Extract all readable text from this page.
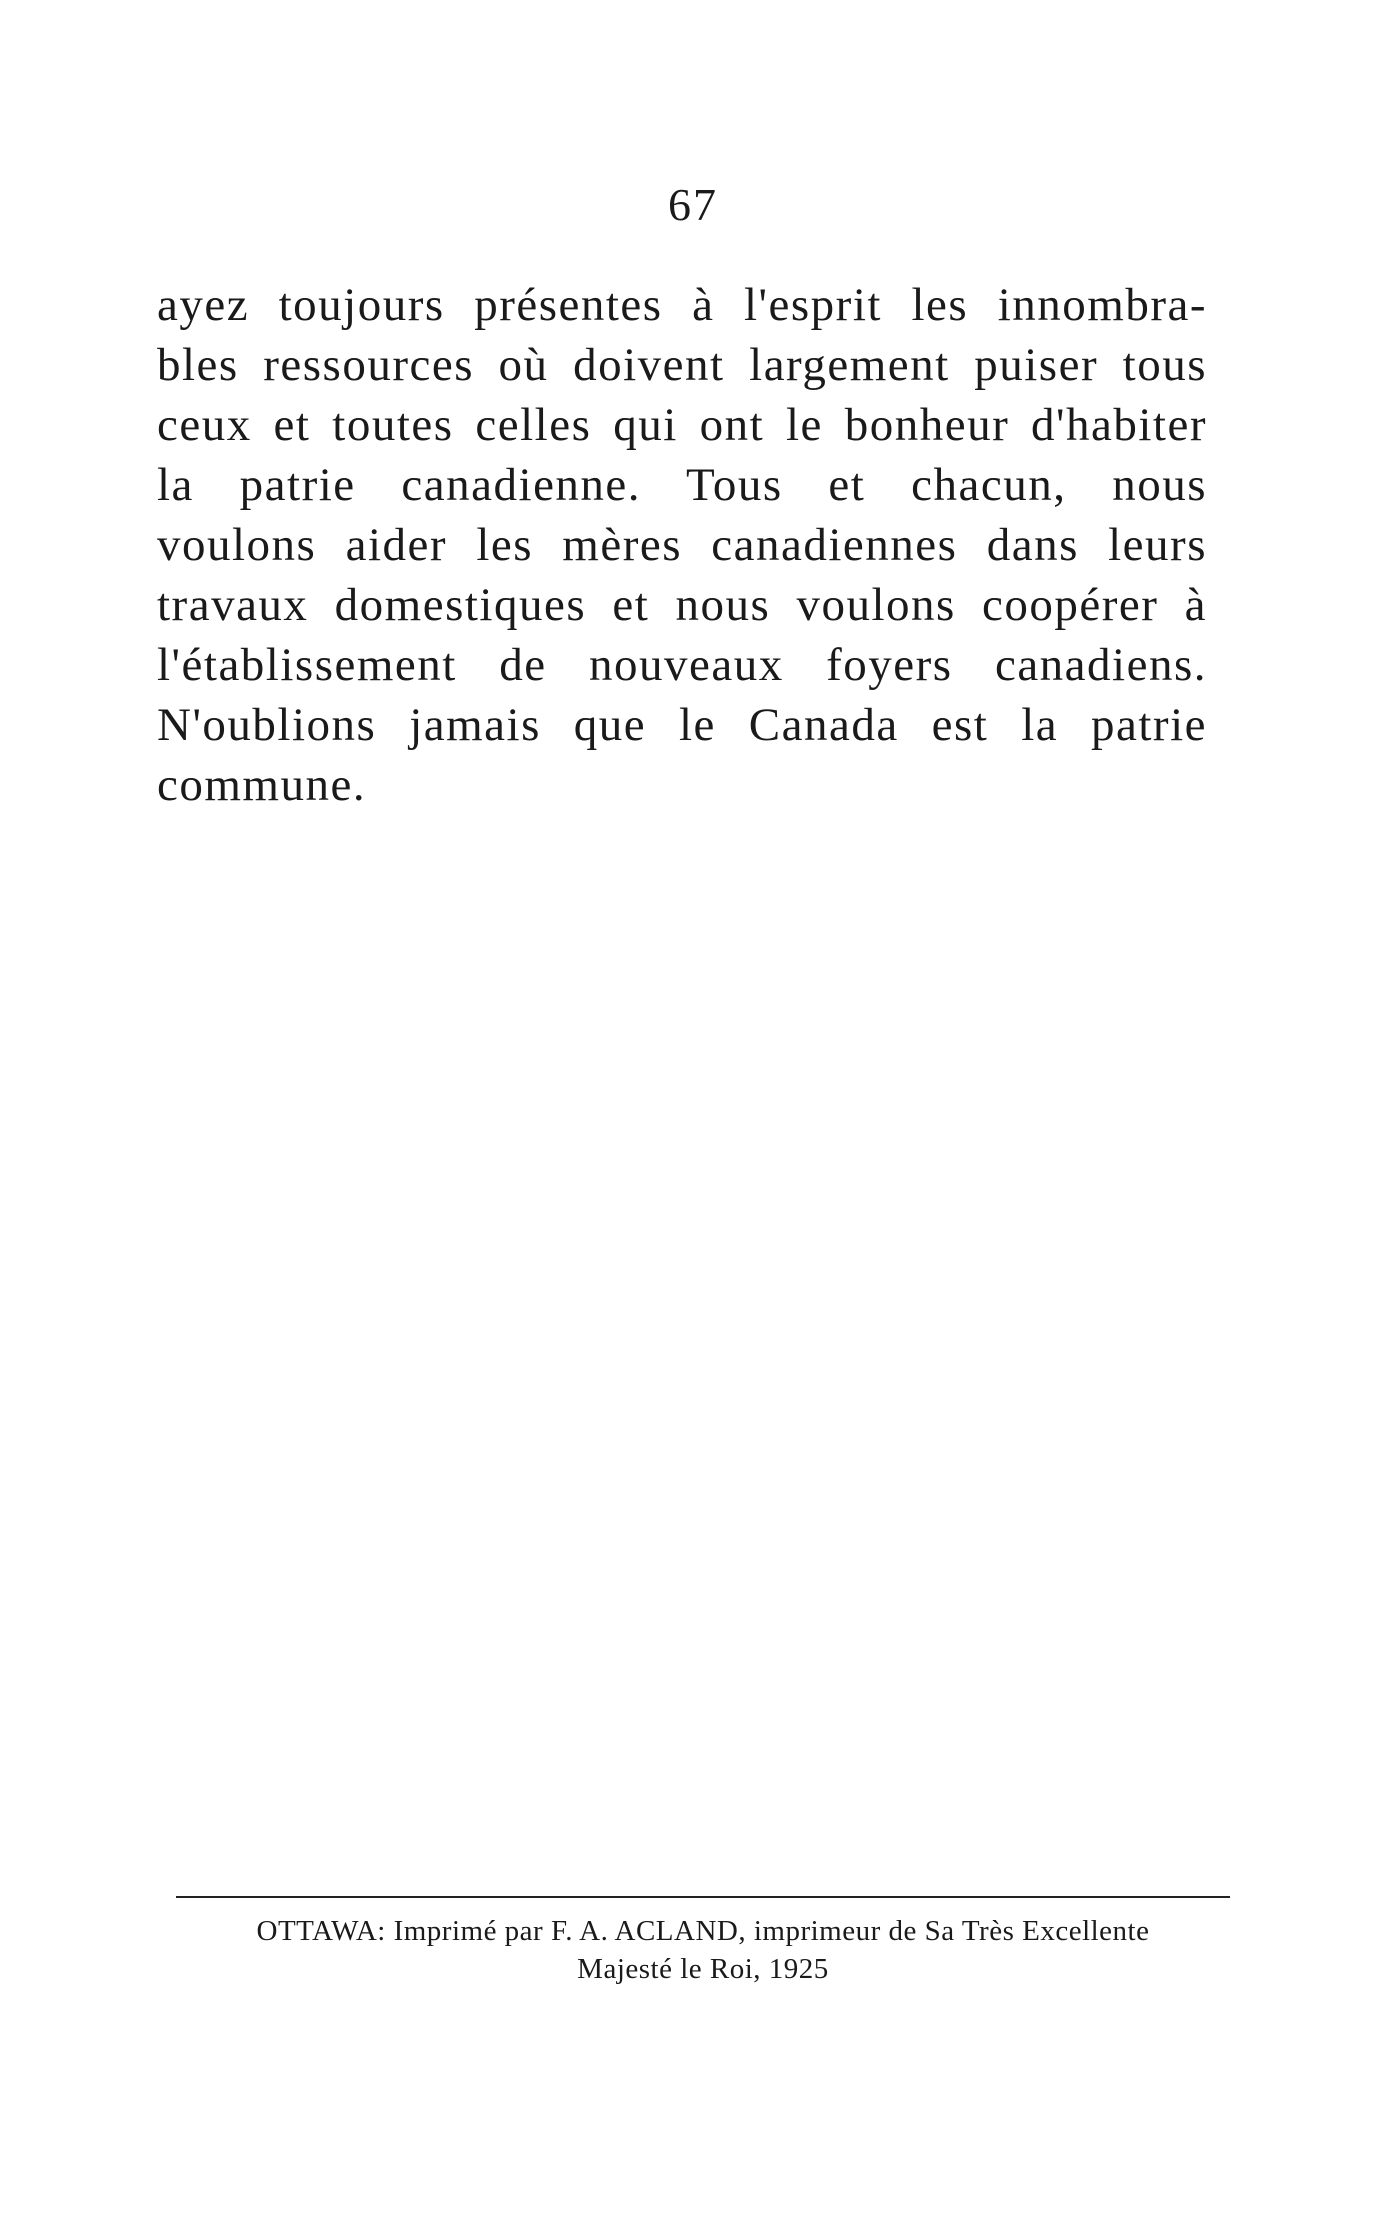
67
ayez toujours présentes à l'esprit les innombra-
bles ressources où doivent largement puiser tous
ceux et toutes celles qui ont le bonheur d'habiter
la patrie canadienne. Tous et chacun, nous
voulons aider les mères canadiennes dans leurs
travaux domestiques et nous voulons coopérer à
l'établissement de nouveaux foyers canadiens.
N'oublions jamais que le Canada est la patrie
commune.
OTTAWA: Imprimé par F. A. ACLAND, imprimeur de Sa Très Excellente
Majesté le Roi, 1925
